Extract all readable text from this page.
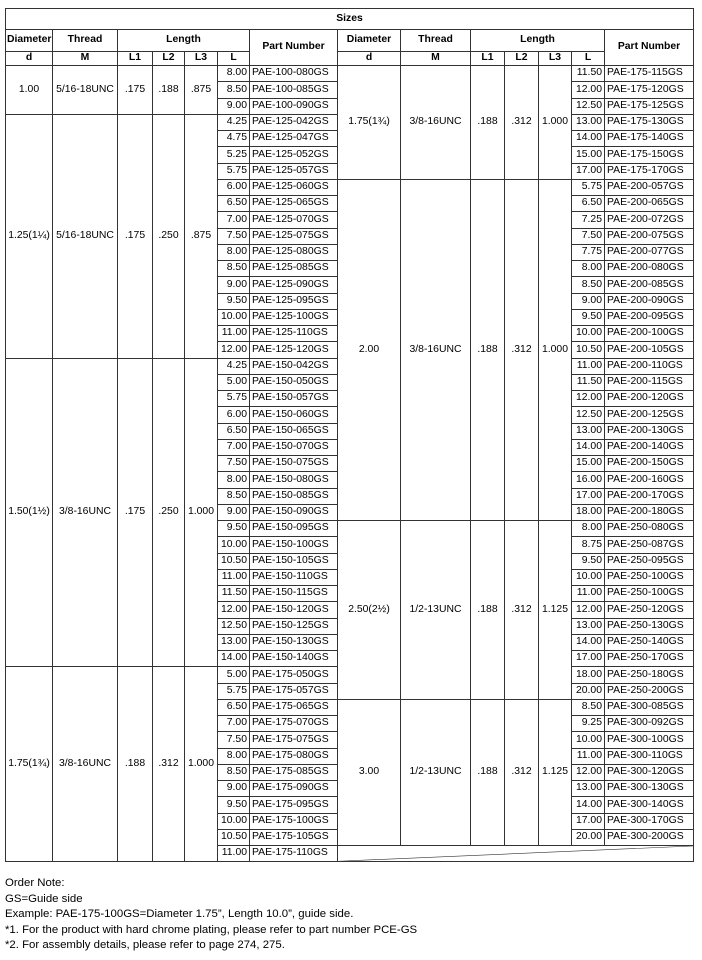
Sizes													
Diameter	Thread	Length				Part Number	Diameter	Thread	Length				Part Number
d	M	L1	L2	L3	L		d	M	L1	L2	L3	L	
1.00	5/16-18UNC	.175	.188	.875	8.00	PAE-100-080GS	1.75(1¾)	3/8-16UNC	.188	.312	1.000	11.50	PAE-175-115GS
					8.50	PAE-100-085GS						12.00	PAE-175-120GS
					9.00	PAE-100-090GS						12.50	PAE-175-125GS
1.25(1¼)	5/16-18UNC	.175	.250	.875	4.25	PAE-125-042GS						13.00	PAE-175-130GS
					4.75	PAE-125-047GS						14.00	PAE-175-140GS
					5.25	PAE-125-052GS						15.00	PAE-175-150GS
					5.75	PAE-125-057GS						17.00	PAE-175-170GS
					6.00	PAE-125-060GS	2.00	3/8-16UNC	.188	.312	1.000	5.75	PAE-200-057GS
					6.50	PAE-125-065GS						6.50	PAE-200-065GS
					7.00	PAE-125-070GS						7.25	PAE-200-072GS
					7.50	PAE-125-075GS						7.50	PAE-200-075GS
					8.00	PAE-125-080GS						7.75	PAE-200-077GS
					8.50	PAE-125-085GS						8.00	PAE-200-080GS
					9.00	PAE-125-090GS						8.50	PAE-200-085GS
					9.50	PAE-125-095GS						9.00	PAE-200-090GS
					10.00	PAE-125-100GS						9.50	PAE-200-095GS
					11.00	PAE-125-110GS						10.00	PAE-200-100GS
					12.00	PAE-125-120GS						10.50	PAE-200-105GS
1.50(1½)	3/8-16UNC	.175	.250	1.000	4.25	PAE-150-042GS						11.00	PAE-200-110GS
					5.00	PAE-150-050GS						11.50	PAE-200-115GS
					5.75	PAE-150-057GS						12.00	PAE-200-120GS
					6.00	PAE-150-060GS						12.50	PAE-200-125GS
					6.50	PAE-150-065GS						13.00	PAE-200-130GS
					7.00	PAE-150-070GS						14.00	PAE-200-140GS
					7.50	PAE-150-075GS						15.00	PAE-200-150GS
					8.00	PAE-150-080GS						16.00	PAE-200-160GS
					8.50	PAE-150-085GS						17.00	PAE-200-170GS
					9.00	PAE-150-090GS						18.00	PAE-200-180GS
					9.50	PAE-150-095GS	2.50(2½)	1/2-13UNC	.188	.312	1.125	8.00	PAE-250-080GS
					10.00	PAE-150-100GS						8.75	PAE-250-087GS
					10.50	PAE-150-105GS						9.50	PAE-250-095GS
					11.00	PAE-150-110GS						10.00	PAE-250-100GS
					11.50	PAE-150-115GS						11.00	PAE-250-100GS
					12.00	PAE-150-120GS						12.00	PAE-250-120GS
					12.50	PAE-150-125GS						13.00	PAE-250-130GS
					13.00	PAE-150-130GS						14.00	PAE-250-140GS
					14.00	PAE-150-140GS						17.00	PAE-250-170GS
1.75(1¾)	3/8-16UNC	.188	.312	1.000	5.00	PAE-175-050GS						18.00	PAE-250-180GS
					5.75	PAE-175-057GS						20.00	PAE-250-200GS
					6.50	PAE-175-065GS	3.00	1/2-13UNC	.188	.312	1.125	8.50	PAE-300-085GS
					7.00	PAE-175-070GS						9.25	PAE-300-092GS
					7.50	PAE-175-075GS						10.00	PAE-300-100GS
					8.00	PAE-175-080GS						11.00	PAE-300-110GS
					8.50	PAE-175-085GS						12.00	PAE-300-120GS
					9.00	PAE-175-090GS						13.00	PAE-300-130GS
					9.50	PAE-175-095GS						14.00	PAE-300-140GS
					10.00	PAE-175-100GS						17.00	PAE-300-170GS
					10.50	PAE-175-105GS						20.00	PAE-300-200GS
					11.00	PAE-175-110GS	
Order Note:
GS=Guide side
Example: PAE-175-100GS=Diameter 1.75”, Length 10.0”, guide side.
*1. For the product with hard chrome plating, please refer to part number PCE-GS
*2. For assembly details, please refer to page 274, 275.
